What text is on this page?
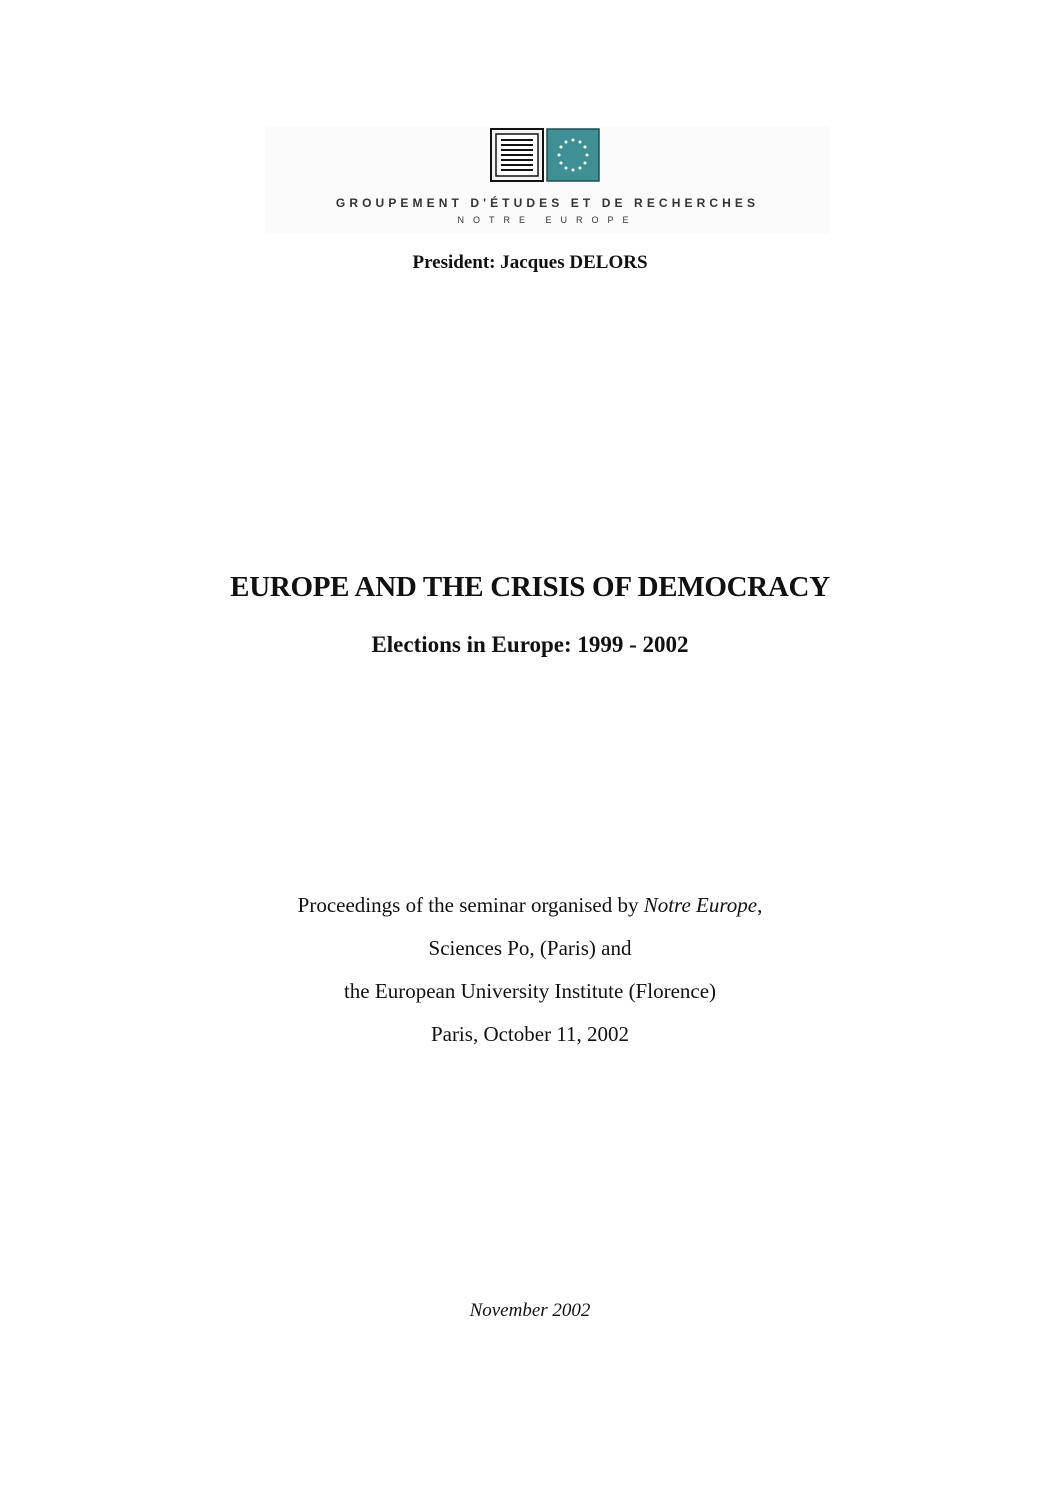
GROUPEMENT D'ÉTUDES ET DE RECHERCHES
NOTRE EUROPE
President: Jacques DELORS
EUROPE AND THE CRISIS OF DEMOCRACY
Elections in Europe: 1999 - 2002
Proceedings of the seminar organised by Notre Europe,
Sciences Po, (Paris) and
the European University Institute (Florence)
Paris, October 11, 2002
November 2002
